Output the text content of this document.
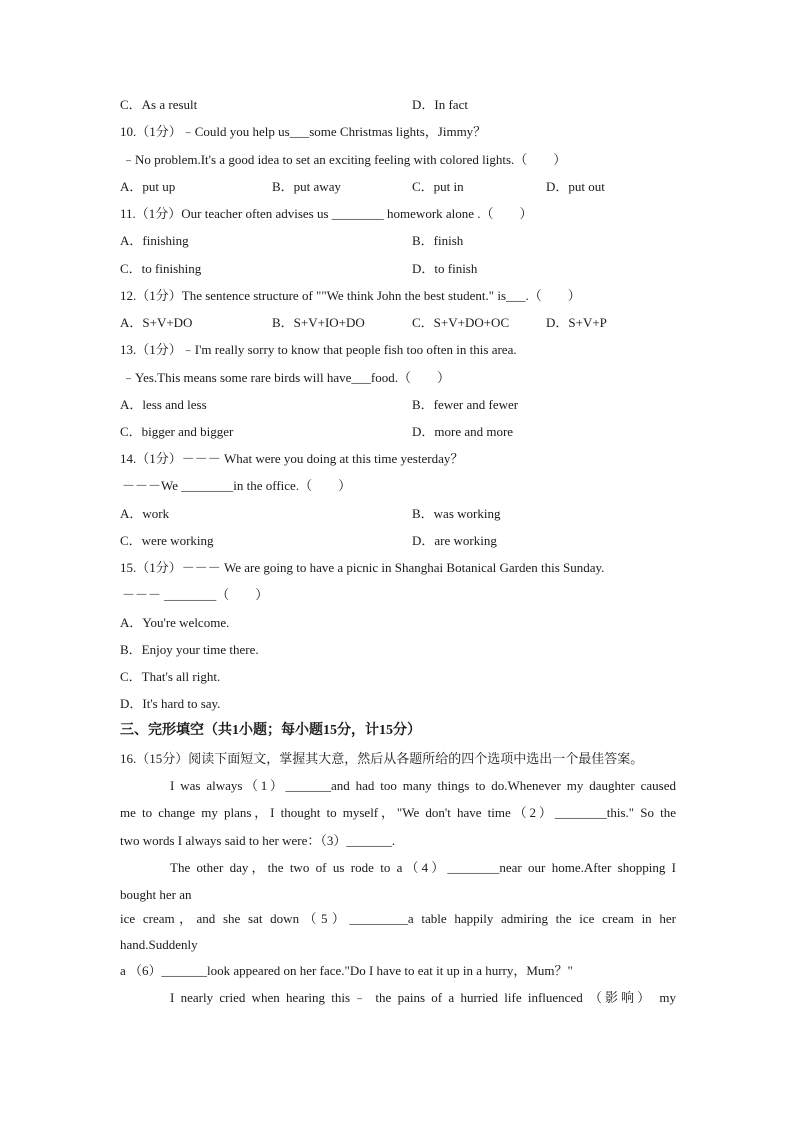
C．As a result	D．In fact
10.（1分）﹣Could you help us___some Christmas lights，Jimmy？
﹣No problem.It's a good idea to set an exciting feeling with colored lights.（　　）
A．put up	B．put away	C．put in	D．put out
11.（1分）Our teacher often advises us ________ homework alone .（　　）
A．finishing	B．finish
C．to finishing	D．to finish
12.（1分）The sentence structure of ""We think John the best student." is___.（　　）
A．S+V+DO	B．S+V+IO+DO	C．S+V+DO+OC	D．S+V+P
13.（1分）﹣I'm really sorry to know that people fish too often in this area.
﹣Yes.This means some rare birds will have___food.（　　）
A．less and less	B．fewer and fewer
C．bigger and bigger	D．more and more
14.（1分）－－－ What were you doing at this time yesterday？
－－－We ________in the office.（　　）
A．work	B．was working
C．were working	D．are working
15.（1分）－－－ We are going to have a picnic in Shanghai Botanical Garden this Sunday.
－－－ ________（　　）
A．You're welcome.
B．Enjoy your time there.
C．That's all right.
D．It's hard to say.
三、完形填空（共1小题；每小题15分，计15分）
16.（15分）阅读下面短文，掌握其大意，然后从各题所给的四个选项中选出一个最佳答案。
I was always（1）_______and had too many things to do.Whenever my daughter caused
me to change my plans，I thought to myself，"We don't have time（2）________this." So the
two words I always said to her were：（3）_______.
The other day，the two of us rode to a（4）________near our home.After shopping I
bought her an
ice cream，and she sat down（5）_________a table happily admiring the ice cream in her
hand.Suddenly
a （6）_______look appeared on her face."Do I have to eat it up in a hurry，Mum？"
I nearly cried when hearing this﹣ the pains of a hurried life influenced （影响） my
